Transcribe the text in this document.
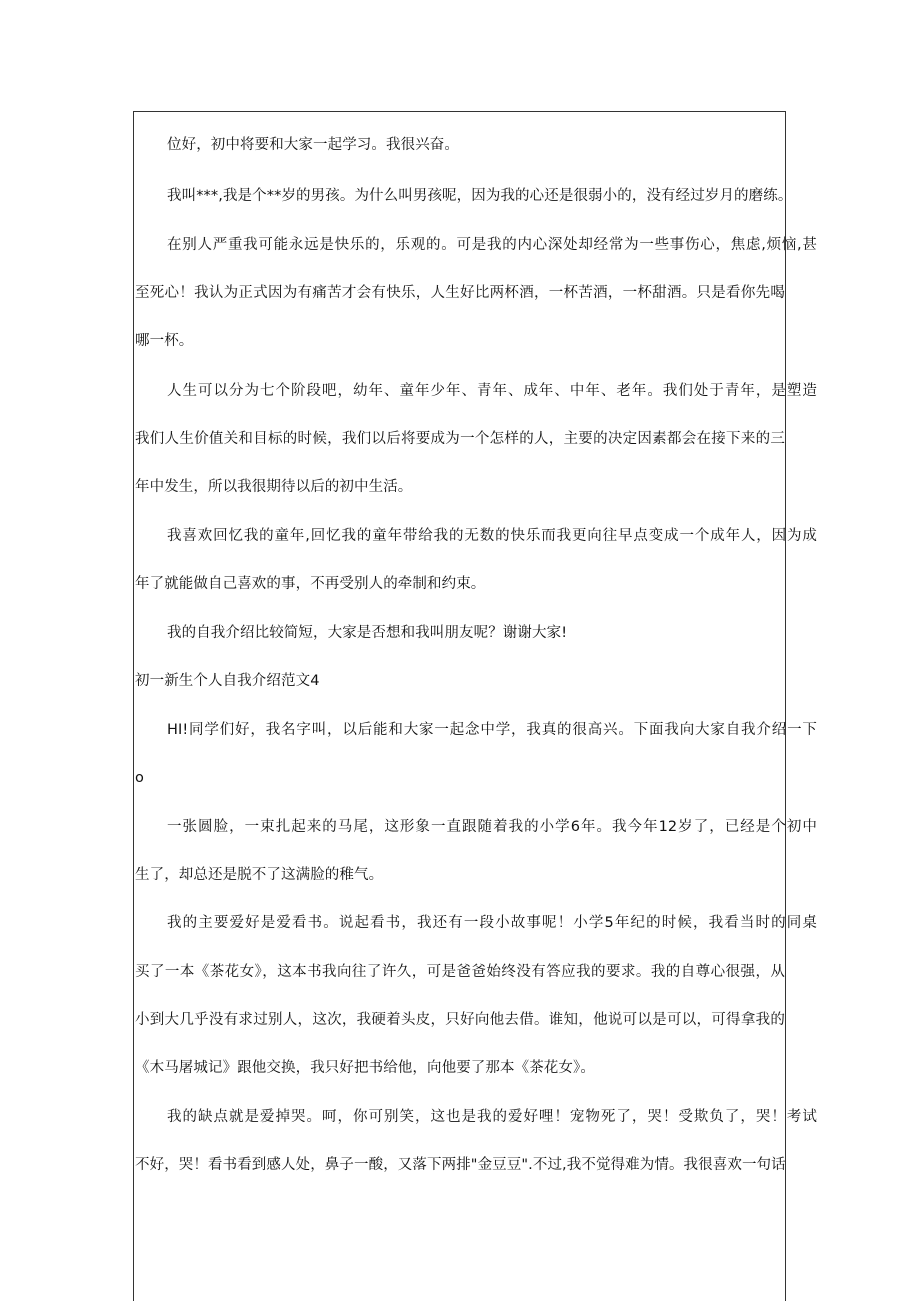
位好，初中将要和大家一起学习。我很兴奋。
我叫***,我是个**岁的男孩。为什么叫男孩呢，因为我的心还是很弱小的，没有经过岁月的磨练。
在别人严重我可能永远是快乐的，乐观的。可是我的内心深处却经常为一些事伤心，焦虑,烦恼,甚
至死心！我认为正式因为有痛苦才会有快乐，人生好比两杯酒，一杯苦酒，一杯甜酒。只是看你先喝
哪一杯。
人生可以分为七个阶段吧，幼年、童年少年、青年、成年、中年、老年。我们处于青年，是塑造
我们人生价值关和目标的时候，我们以后将要成为一个怎样的人，主要的决定因素都会在接下来的三
年中发生，所以我很期待以后的初中生活。
我喜欢回忆我的童年,回忆我的童年带给我的无数的快乐而我更向往早点变成一个成年人，因为成
年了就能做自己喜欢的事，不再受别人的牵制和约束。
我的自我介绍比较简短，大家是否想和我叫朋友呢？谢谢大家!
初一新生个人自我介绍范文4
HI!同学们好，我名字叫，以后能和大家一起念中学，我真的很高兴。下面我向大家自我介绍一下
o
一张圆脸，一束扎起来的马尾，这形象一直跟随着我的小学6年。我今年12岁了，已经是个初中
生了，却总还是脱不了这满脸的稚气。
我的主要爱好是爱看书。说起看书，我还有一段小故事呢！小学5年纪的时候，我看当时的同桌
买了一本《茶花女》，这本书我向往了许久，可是爸爸始终没有答应我的要求。我的自尊心很强，从
小到大几乎没有求过别人，这次，我硬着头皮，只好向他去借。谁知，他说可以是可以，可得拿我的
《木马屠城记》跟他交换，我只好把书给他，向他要了那本《茶花女》。
我的缺点就是爱掉哭。呵，你可别笑，这也是我的爱好哩！宠物死了，哭！受欺负了，哭！考试
不好，哭！看书看到感人处，鼻子一酸，又落下两排"金豆豆".不过,我不觉得难为情。我很喜欢一句话
